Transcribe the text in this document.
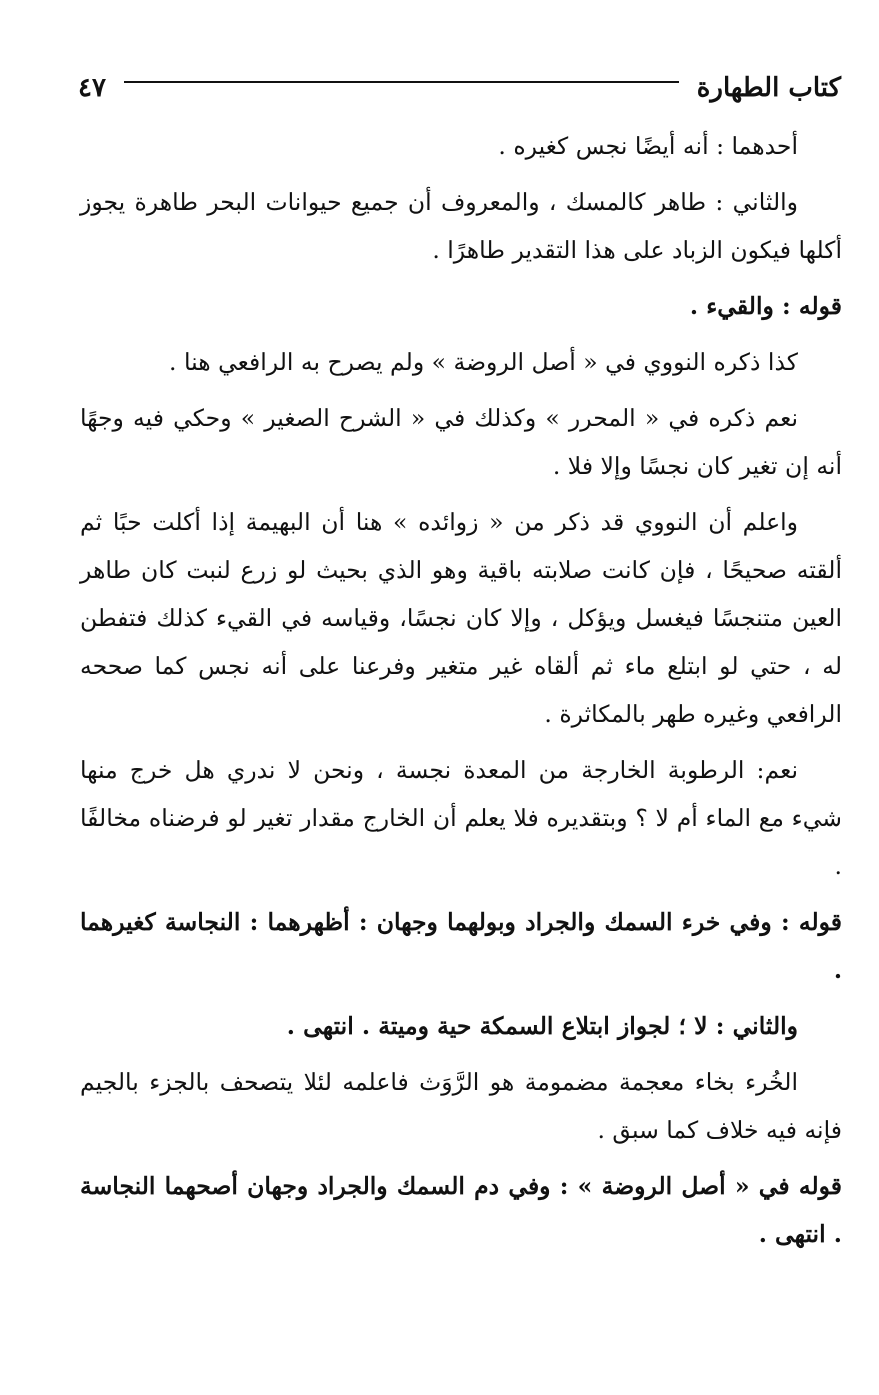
كتاب الطهارة
٤٧

أحدهما : أنه أيضًا نجس كغيره .

والثاني : طاهر كالمسك ، والمعروف أن جميع حيوانات البحر طاهرة يجوز أكلها فيكون الزباد على هذا التقدير طاهرًا .

قوله : والقيء .

كذا ذكره النووي في « أصل الروضة » ولم يصرح به الرافعي هنا .

نعم ذكره في « المحرر » وكذلك في « الشرح الصغير » وحكي فيه وجهًا أنه إن تغير كان نجسًا وإلا فلا .

واعلم أن النووي قد ذكر من « زوائده » هنا أن البهيمة إذا أكلت حبًا ثم ألقته صحيحًا ، فإن كانت صلابته باقية وهو الذي بحيث لو زرع لنبت كان طاهر العين متنجسًا فيغسل ويؤكل ، وإلا كان نجسًا، وقياسه في القيء كذلك فتفطن له ، حتي لو ابتلع ماء ثم ألقاه غير متغير وفرعنا على أنه نجس كما صححه الرافعي وغيره طهر بالمكاثرة .

نعم: الرطوبة الخارجة من المعدة نجسة ، ونحن لا ندري هل خرج منها شيء مع الماء أم لا ؟ وبتقديره فلا يعلم أن الخارج مقدار تغير لو فرضناه مخالفًا .

قوله : وفي خرء السمك والجراد وبولهما وجهان : أظهرهما : النجاسة كغيرهما .

والثاني : لا ؛ لجواز ابتلاع السمكة حية وميتة . انتهى .

الخُرء بخاء معجمة مضمومة هو الرَّوَث فاعلمه لئلا يتصحف بالجزء بالجيم فإنه فيه خلاف كما سبق .

قوله في « أصل الروضة » : وفي دم السمك والجراد وجهان أصحهما النجاسة . انتهى .
